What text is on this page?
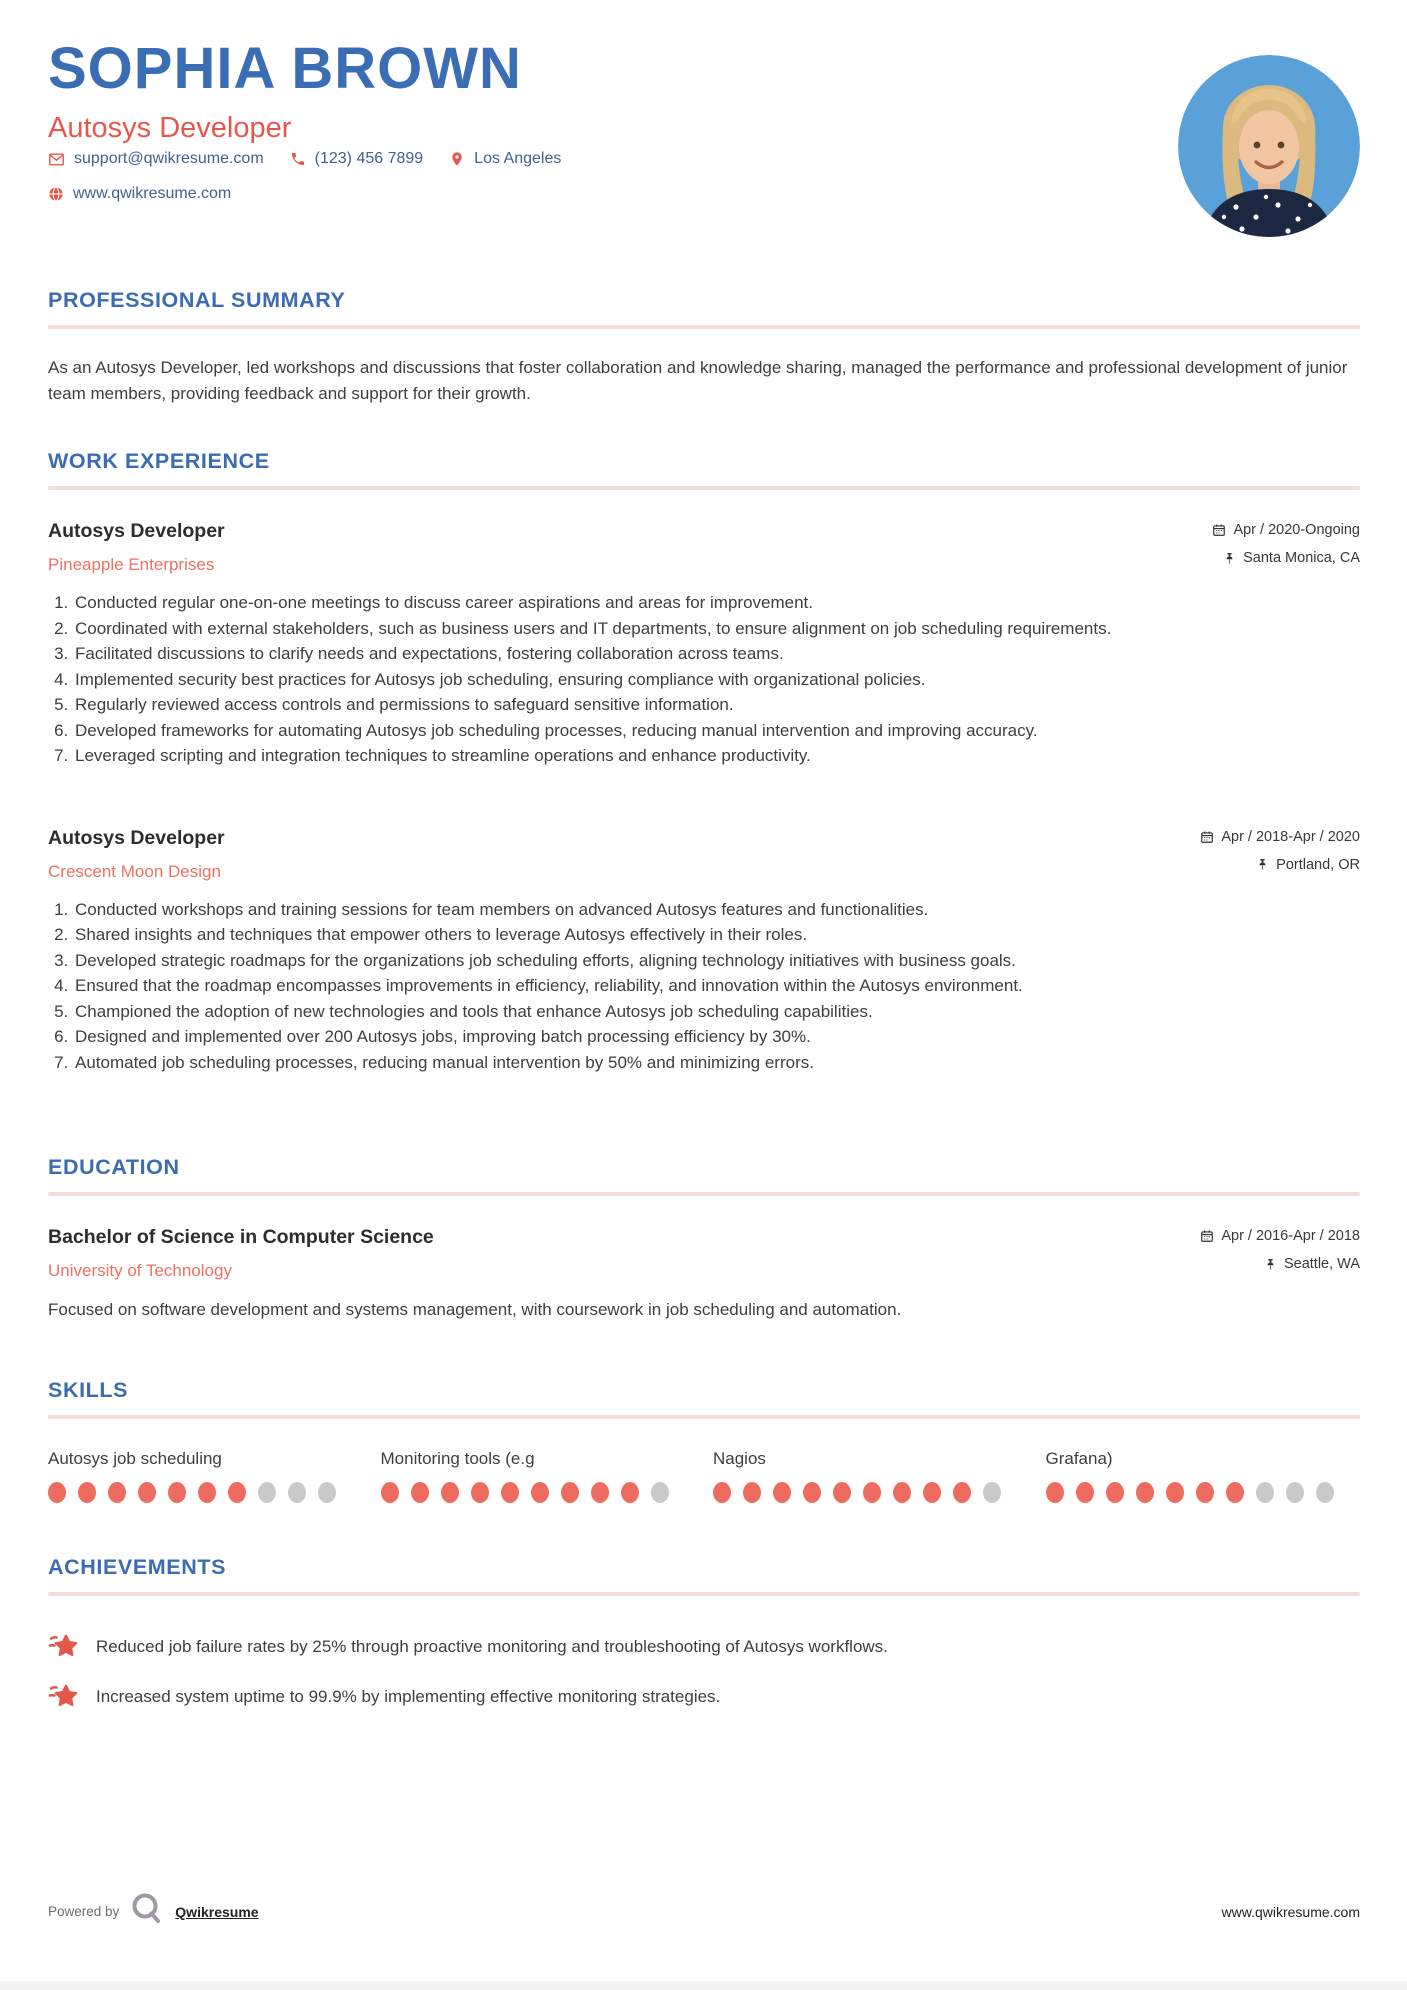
SOPHIA BROWN
Autosys Developer
support@qwikresume.com	(123) 456 7899	Los Angeles
www.qwikresume.com
PROFESSIONAL SUMMARY

As an Autosys Developer, led workshops and discussions that foster collaboration and knowledge sharing, managed the performance and professional development of junior team members, providing feedback and support for their growth.

WORK EXPERIENCE
Autosys Developer
Pineapple Enterprises
Apr / 2020-Ongoing
Santa Monica, CA
1. Conducted regular one-on-one meetings to discuss career aspirations and areas for improvement.
2. Coordinated with external stakeholders, such as business users and IT departments, to ensure alignment on job scheduling requirements.
3. Facilitated discussions to clarify needs and expectations, fostering collaboration across teams.
4. Implemented security best practices for Autosys job scheduling, ensuring compliance with organizational policies.
5. Regularly reviewed access controls and permissions to safeguard sensitive information.
6. Developed frameworks for automating Autosys job scheduling processes, reducing manual intervention and improving accuracy.
7. Leveraged scripting and integration techniques to streamline operations and enhance productivity.
Autosys Developer
Crescent Moon Design
Apr / 2018-Apr / 2020
Portland, OR
1. Conducted workshops and training sessions for team members on advanced Autosys features and functionalities.
2. Shared insights and techniques that empower others to leverage Autosys effectively in their roles.
3. Developed strategic roadmaps for the organizations job scheduling efforts, aligning technology initiatives with business goals.
4. Ensured that the roadmap encompasses improvements in efficiency, reliability, and innovation within the Autosys environment.
5. Championed the adoption of new technologies and tools that enhance Autosys job scheduling capabilities.
6. Designed and implemented over 200 Autosys jobs, improving batch processing efficiency by 30%.
7. Automated job scheduling processes, reducing manual intervention by 50% and minimizing errors.
EDUCATION
Bachelor of Science in Computer Science
University of Technology
Apr / 2016-Apr / 2018
Seattle, WA

Focused on software development and systems management, with coursework in job scheduling and automation.

SKILLS
Autosys job scheduling	Monitoring tools (e.g	Nagios	Grafana)
ACHIEVEMENTS
Reduced job failure rates by 25% through proactive monitoring and troubleshooting of Autosys workflows.
Increased system uptime to 99.9% by implementing effective monitoring strategies.
Powered by	Qwikresume	www.qwikresume.com
